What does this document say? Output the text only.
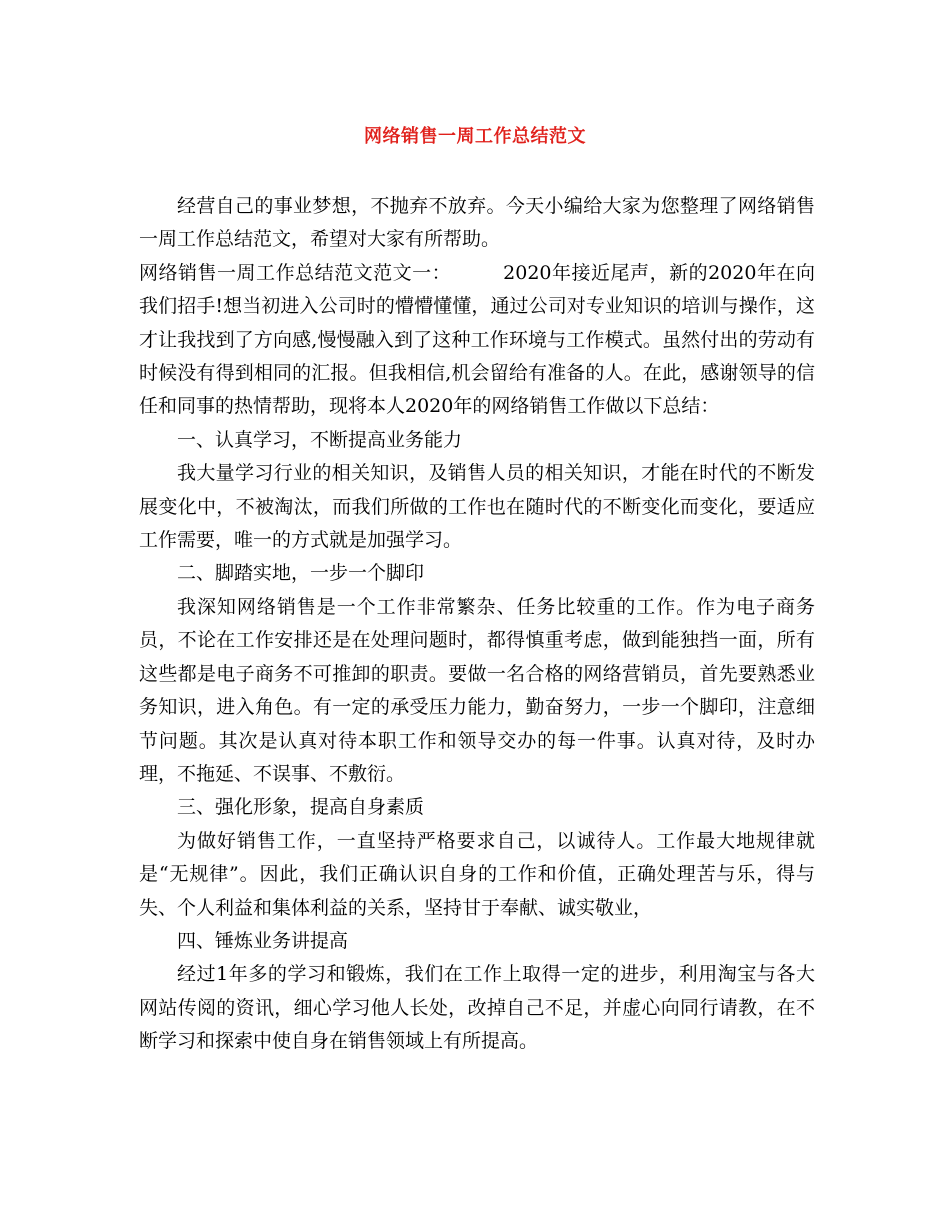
网络销售一周工作总结范文

经营自己的事业梦想，不抛弃不放弃。今天小编给大家为您整理了网络销售一周工作总结范文，希望对大家有所帮助。

网络销售一周工作总结范文范文一：	2020年接近尾声，新的2020年在向我们招手!想当初进入公司时的懵懵懂懂，通过公司对专业知识的培训与操作，这才让我找到了方向感,慢慢融入到了这种工作环境与工作模式。虽然付出的劳动有时候没有得到相同的汇报。但我相信,机会留给有准备的人。在此，感谢领导的信任和同事的热情帮助，现将本人2020年的网络销售工作做以下总结：

一、认真学习，不断提高业务能力

我大量学习行业的相关知识，及销售人员的相关知识，才能在时代的不断发展变化中，不被淘汰，而我们所做的工作也在随时代的不断变化而变化，要适应工作需要，唯一的方式就是加强学习。

二、脚踏实地，一步一个脚印

我深知网络销售是一个工作非常繁杂、任务比较重的工作。作为电子商务员，不论在工作安排还是在处理问题时，都得慎重考虑，做到能独挡一面，所有这些都是电子商务不可推卸的职责。要做一名合格的网络营销员，首先要熟悉业务知识，进入角色。有一定的承受压力能力，勤奋努力，一步一个脚印，注意细节问题。其次是认真对待本职工作和领导交办的每一件事。认真对待，及时办理，不拖延、不误事、不敷衍。

三、强化形象，提高自身素质

为做好销售工作，一直坚持严格要求自己，以诚待人。工作最大地规律就是“无规律”。因此，我们正确认识自身的工作和价值，正确处理苦与乐，得与失、个人利益和集体利益的关系，坚持甘于奉献、诚实敬业，

四、锤炼业务讲提高

经过1年多的学习和锻炼，我们在工作上取得一定的进步，利用淘宝与各大网站传阅的资讯，细心学习他人长处，改掉自己不足，并虚心向同行请教，在不断学习和探索中使自身在销售领域上有所提高。
